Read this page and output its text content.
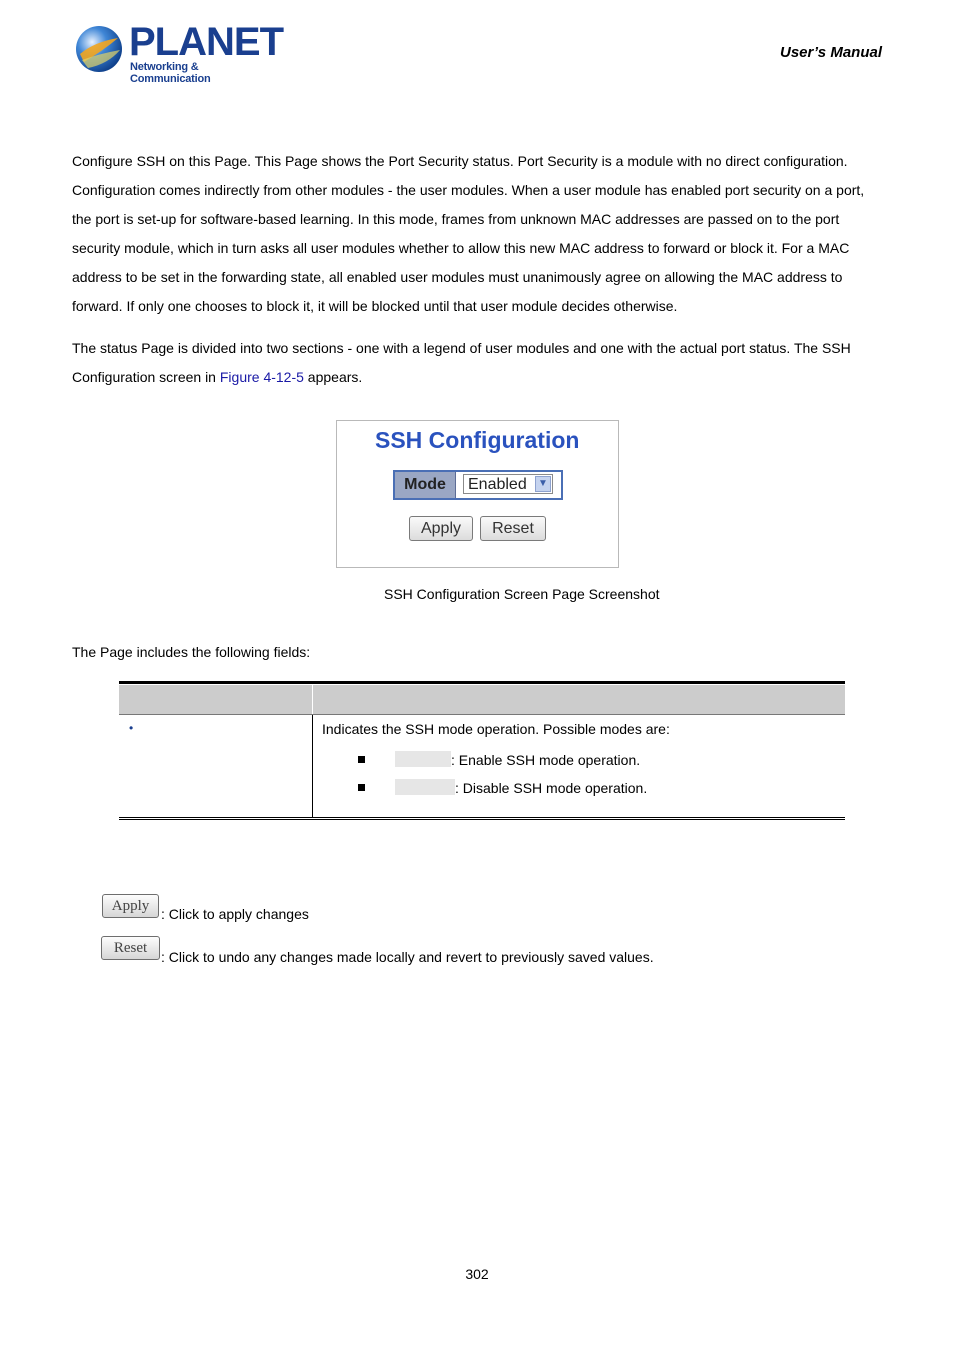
PLANET
Networking & Communication
User’s Manual
Configure SSH on this Page. This Page shows the Port Security status. Port Security is a module with no direct configuration. Configuration comes indirectly from other modules - the user modules. When a user module has enabled port security on a port, the port is set-up for software-based learning. In this mode, frames from unknown MAC addresses are passed on to the port security module, which in turn asks all user modules whether to allow this new MAC address to forward or block it. For a MAC address to be set in the forwarding state, all enabled user modules must unanimously agree on allowing the MAC address to forward. If only one chooses to block it, it will be blocked until that user module decides otherwise.
The status Page is divided into two sections - one with a legend of user modules and one with the actual port status. The SSH Configuration screen in Figure 4-12-5 appears.
SSH Configuration
Mode	Enabled	▼
Apply	Reset
SSH Configuration Screen Page Screenshot
The Page includes the following fields:
•	Indicates the SSH mode operation. Possible modes are:
: Enable SSH mode operation.
: Disable SSH mode operation.
Apply : Click to apply changes
Reset
: Click to undo any changes made locally and revert to previously saved values.
302
